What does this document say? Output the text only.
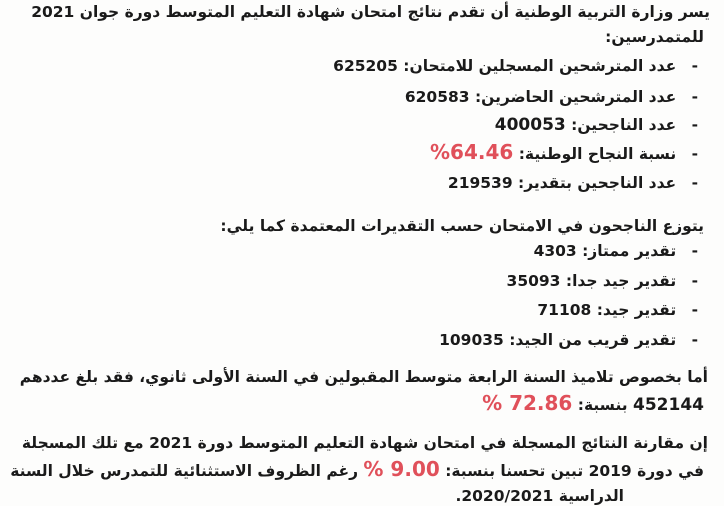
يسر وزارة التربية الوطنية أن تقدم نتائج امتحان شهادة التعليم المتوسط دورة جوان 2021
للمتمدرسين:
- عدد المترشحين المسجلين للامتحان: 625205
- عدد المترشحين الحاضرين: 620583
- عدد الناجحين: 400053
- نسبة النجاح الوطنية: %64.46
- عدد الناجحين بتقدير: 219539
يتوزع الناجحون في الامتحان حسب التقديرات المعتمدة كما يلي:
- تقدير ممتاز: 4303
- تقدير جيد جدا: 35093
- تقدير جيد: 71108
- تقدير قريب من الجيد: 109035
أما بخصوص تلاميذ السنة الرابعة متوسط المقبولين في السنة الأولى ثانوي، فقد بلغ عددهم
452144 بنسبة: % 72.86
إن مقارنة النتائج المسجلة في امتحان شهادة التعليم المتوسط دورة 2021 مع تلك المسجلة
في دورة 2019 تبين تحسنا بنسبة: % 9.00 رغم الظروف الاستثنائية للتمدرس خلال السنة
الدراسية 2020/2021.
